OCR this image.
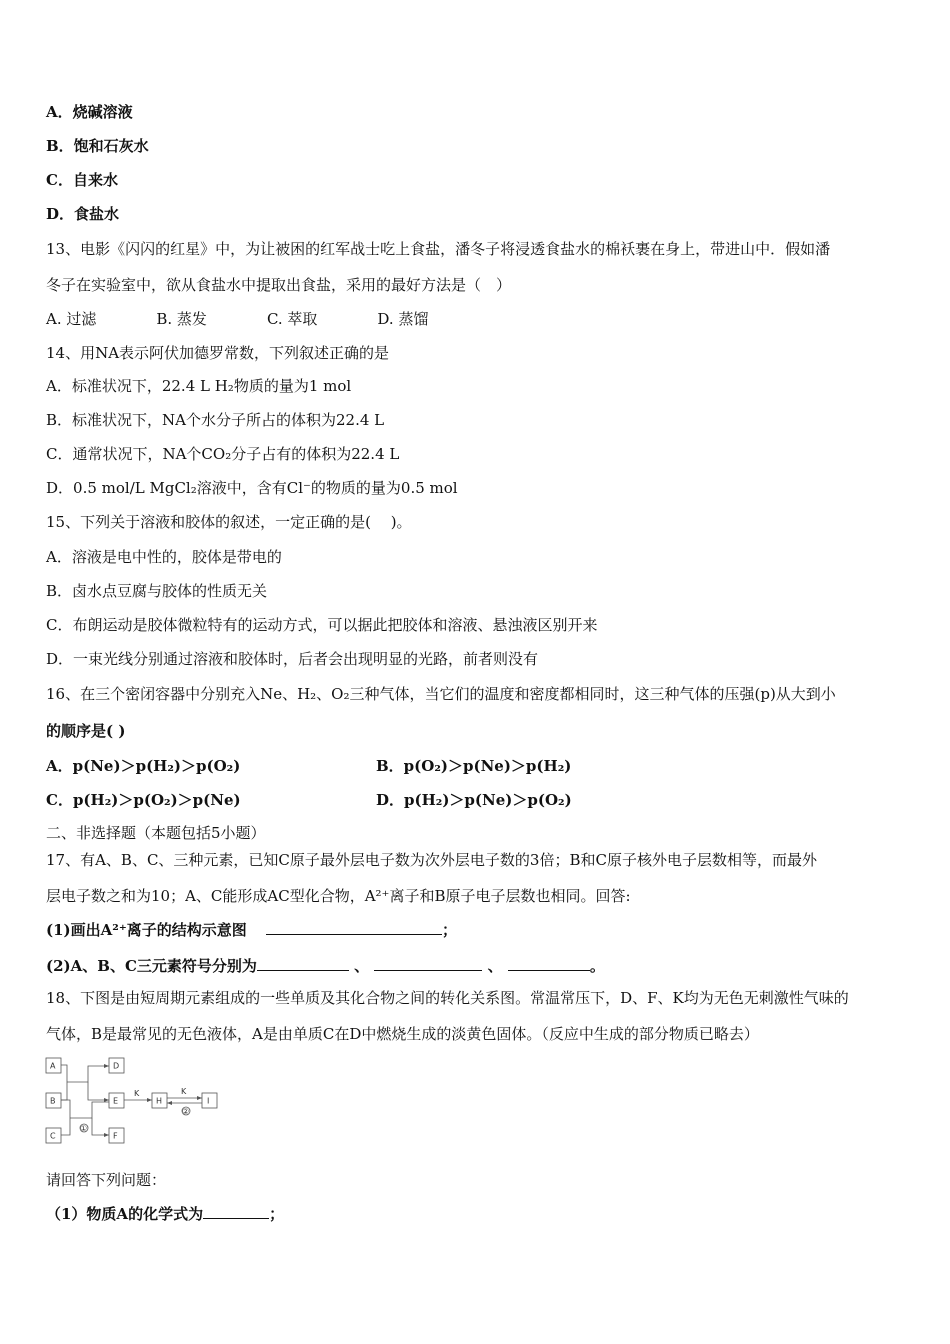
A．烧碱溶液
B．饱和石灰水
C．自来水
D．食盐水
13、电影《闪闪的红星》中，为让被困的红军战士吃上食盐，潘冬子将浸透食盐水的棉袄裹在身上，带进山中．假如潘
冬子在实验室中，欲从食盐水中提取出食盐，采用的最好方法是（　）
A. 过滤	B. 蒸发	C. 萃取	D. 蒸馏
14、用NA表示阿伏加德罗常数，下列叙述正确的是
A．标准状况下，22.4 L H₂物质的量为1 mol
B．标准状况下，NA个水分子所占的体积为22.4 L
C．通常状况下，NA个CO₂分子占有的体积为22.4 L
D．0.5 mol/L MgCl₂溶液中，含有Cl⁻的物质的量为0.5 mol
15、下列关于溶液和胶体的叙述，一定正确的是(　 )。
A．溶液是电中性的，胶体是带电的
B．卤水点豆腐与胶体的性质无关
C．布朗运动是胶体微粒特有的运动方式，可以据此把胶体和溶液、悬浊液区别开来
D．一束光线分别通过溶液和胶体时，后者会出现明显的光路，前者则没有
16、在三个密闭容器中分别充入Ne、H₂、O₂三种气体，当它们的温度和密度都相同时，这三种气体的压强(p)从大到小
的顺序是( )
A．p(Ne)＞p(H₂)＞p(O₂)	B．p(O₂)＞p(Ne)＞p(H₂)
C．p(H₂)＞p(O₂)＞p(Ne)	D．p(H₂)＞p(Ne)＞p(O₂)
二、非选择题（本题包括5小题）
17、有A、B、C、三种元素，已知C原子最外层电子数为次外层电子数的3倍；B和C原子核外电子层数相等，而最外
层电子数之和为10；A、C能形成AC型化合物，A²⁺离子和B原子电子层数也相同。回答:
(1)画出A²⁺离子的结构示意图	；
(2)A、B、C三元素符号分别为	、	、	。
18、下图是由短周期元素组成的一些单质及其化合物之间的转化关系图。常温常压下，D、F、K均为无色无刺激性气味的
气体，B是最常见的无色液体，A是由单质C在D中燃烧生成的淡黄色固体。（反应中生成的部分物质已略去）
A
B
C
D
E
F
H	I
K	K
①
②
请回答下列问题：
（1）物质A的化学式为	；
